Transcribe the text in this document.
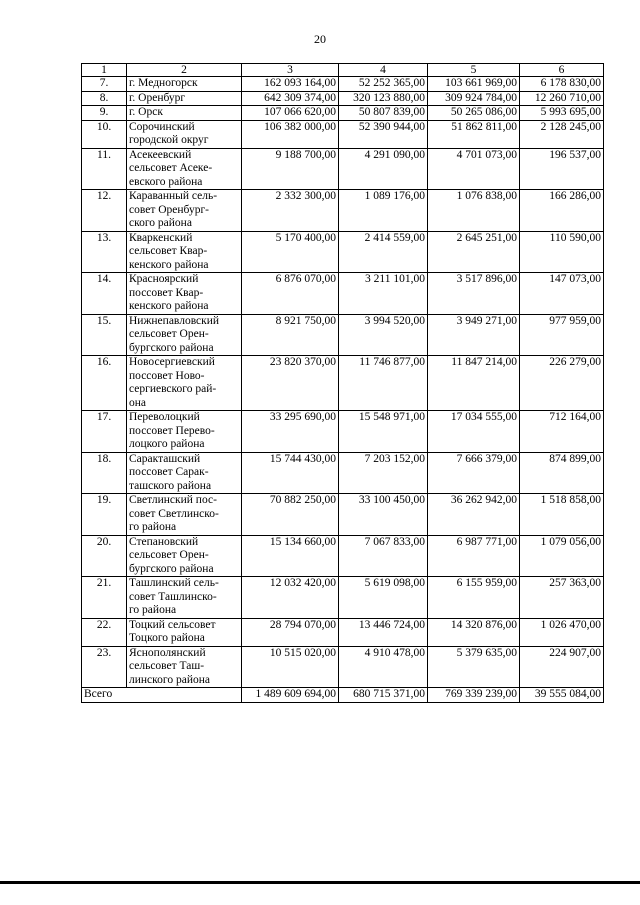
20
1	2	3	4	5	6
7.	г. Медногорск	162 093 164,00	52 252 365,00	103 661 969,00	6 178 830,00
8.	г. Оренбург	642 309 374,00	320 123 880,00	309 924 784,00	12 260 710,00
9.	г. Орск	107 066 620,00	50 807 839,00	50 265 086,00	5 993 695,00
10.	Сорочинский
городской округ	106 382 000,00	52 390 944,00	51 862 811,00	2 128 245,00
11.	Асекеевский
сельсовет Асеке-
евского района	9 188 700,00	4 291 090,00	4 701 073,00	196 537,00
12.	Караванный сель-
совет Оренбург-
ского района	2 332 300,00	1 089 176,00	1 076 838,00	166 286,00
13.	Кваркенский
сельсовет Квар-
кенского района	5 170 400,00	2 414 559,00	2 645 251,00	110 590,00
14.	Красноярский
поссовет Квар-
кенского района	6 876 070,00	3 211 101,00	3 517 896,00	147 073,00
15.	Нижнепавловский
сельсовет Орен-
бургского района	8 921 750,00	3 994 520,00	3 949 271,00	977 959,00
16.	Новосергиевский
поссовет Ново-
сергиевского рай-
она	23 820 370,00	11 746 877,00	11 847 214,00	226 279,00
17.	Переволоцкий
поссовет Перево-
лоцкого района	33 295 690,00	15 548 971,00	17 034 555,00	712 164,00
18.	Саракташский
поссовет Сарак-
ташского района	15 744 430,00	7 203 152,00	7 666 379,00	874 899,00
19.	Светлинский пос-
совет Светлинско-
го района	70 882 250,00	33 100 450,00	36 262 942,00	1 518 858,00
20.	Степановский
сельсовет Орен-
бургского района	15 134 660,00	7 067 833,00	6 987 771,00	1 079 056,00
21.	Ташлинский сель-
совет Ташлинско-
го района	12 032 420,00	5 619 098,00	6 155 959,00	257 363,00
22.	Тоцкий сельсовет
Тоцкого района	28 794 070,00	13 446 724,00	14 320 876,00	1 026 470,00
23.	Яснополянский
сельсовет Таш-
линского района	10 515 020,00	4 910 478,00	5 379 635,00	224 907,00
Всего		1 489 609 694,00	680 715 371,00	769 339 239,00	39 555 084,00
